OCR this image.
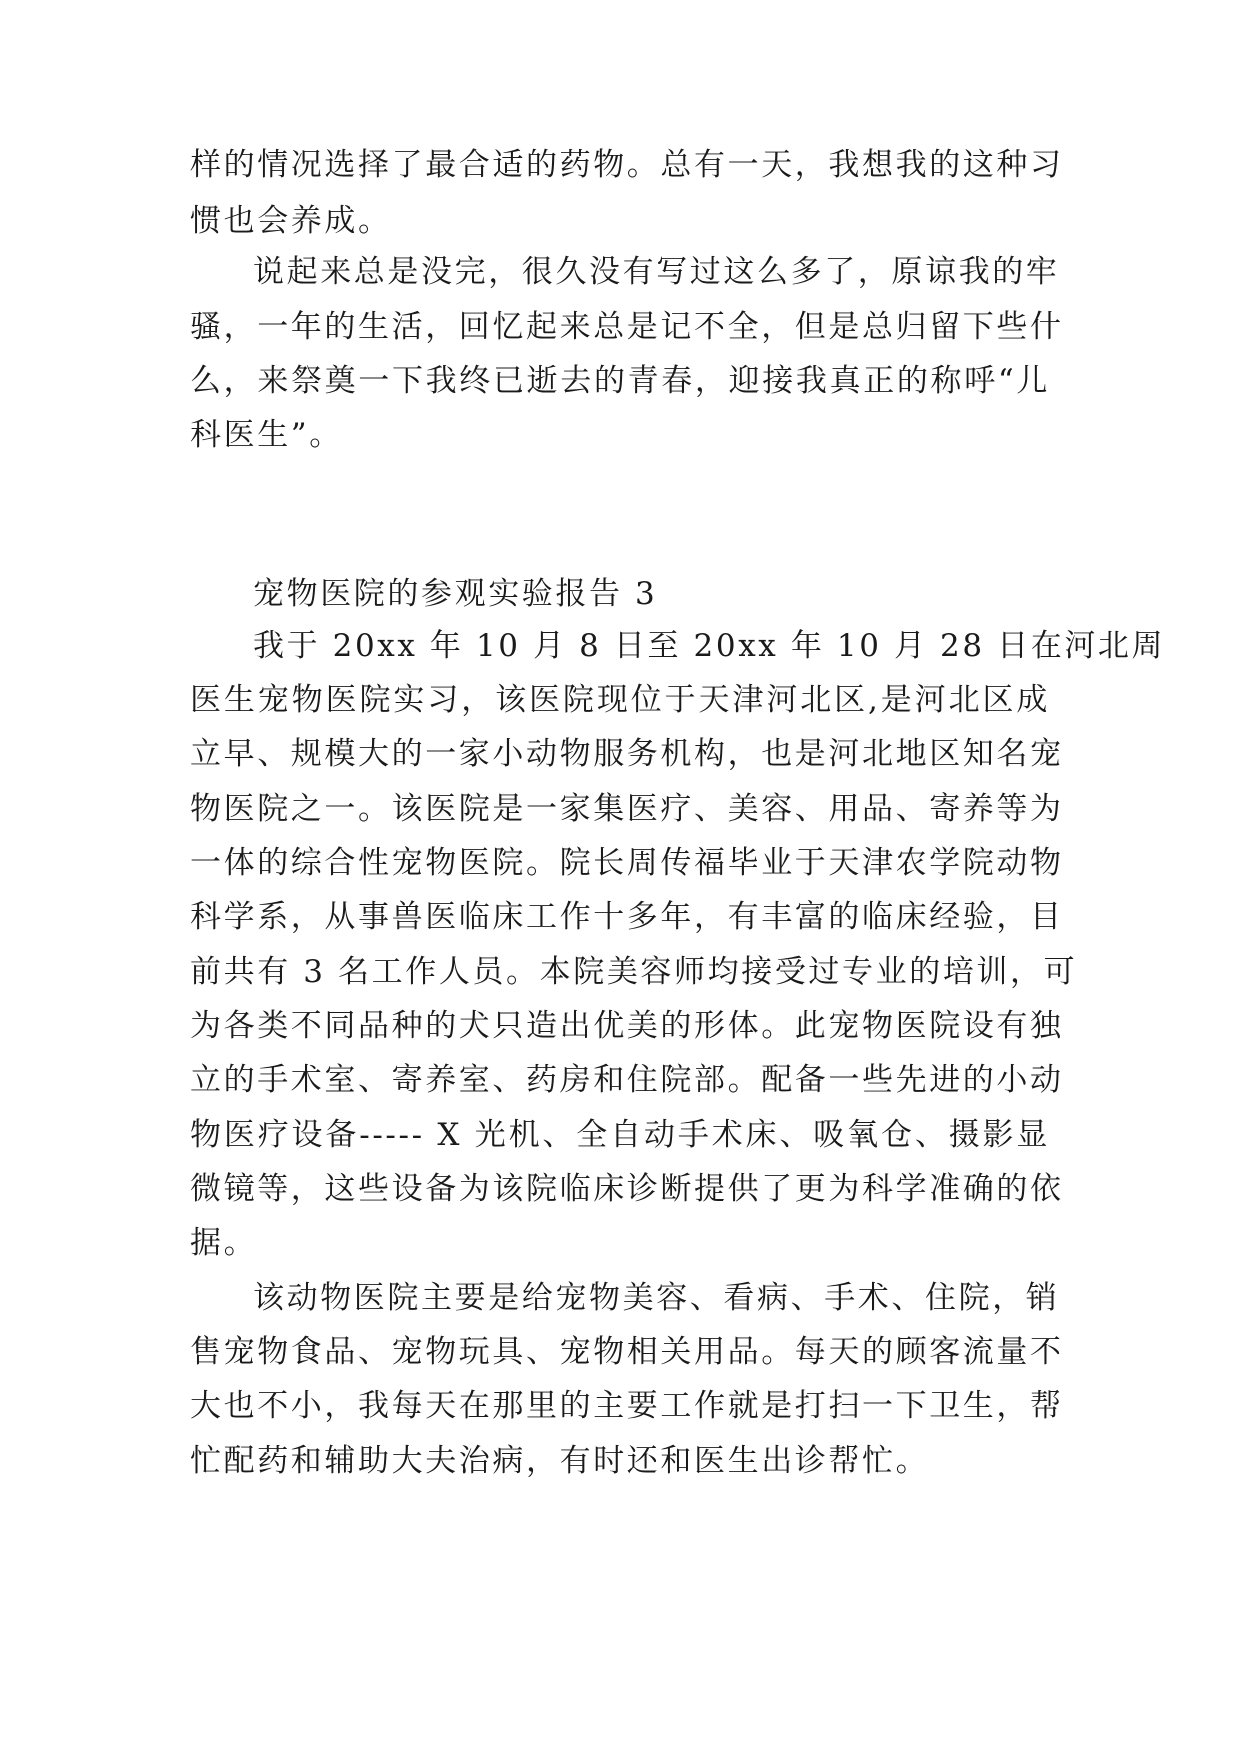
样的情况选择了最合适的药物。总有一天，我想我的这种习
惯也会养成。
说起来总是没完，很久没有写过这么多了，原谅我的牢
骚，一年的生活，回忆起来总是记不全，但是总归留下些什
么，来祭奠一下我终已逝去的青春，迎接我真正的称呼“儿
科医生”。
宠物医院的参观实验报告 3
我于 20xx 年 10 月 8 日至 20xx 年 10 月 28 日在河北周
医生宠物医院实习，该医院现位于天津河北区,是河北区成
立早、规模大的一家小动物服务机构，也是河北地区知名宠
物医院之一。该医院是一家集医疗、美容、用品、寄养等为
一体的综合性宠物医院。院长周传福毕业于天津农学院动物
科学系，从事兽医临床工作十多年，有丰富的临床经验，目
前共有 3 名工作人员。本院美容师均接受过专业的培训，可
为各类不同品种的犬只造出优美的形体。此宠物医院设有独
立的手术室、寄养室、药房和住院部。配备一些先进的小动
物医疗设备----- X 光机、全自动手术床、吸氧仓、摄影显
微镜等，这些设备为该院临床诊断提供了更为科学准确的依
据。
该动物医院主要是给宠物美容、看病、手术、住院，销
售宠物食品、宠物玩具、宠物相关用品。每天的顾客流量不
大也不小，我每天在那里的主要工作就是打扫一下卫生，帮
忙配药和辅助大夫治病，有时还和医生出诊帮忙。
